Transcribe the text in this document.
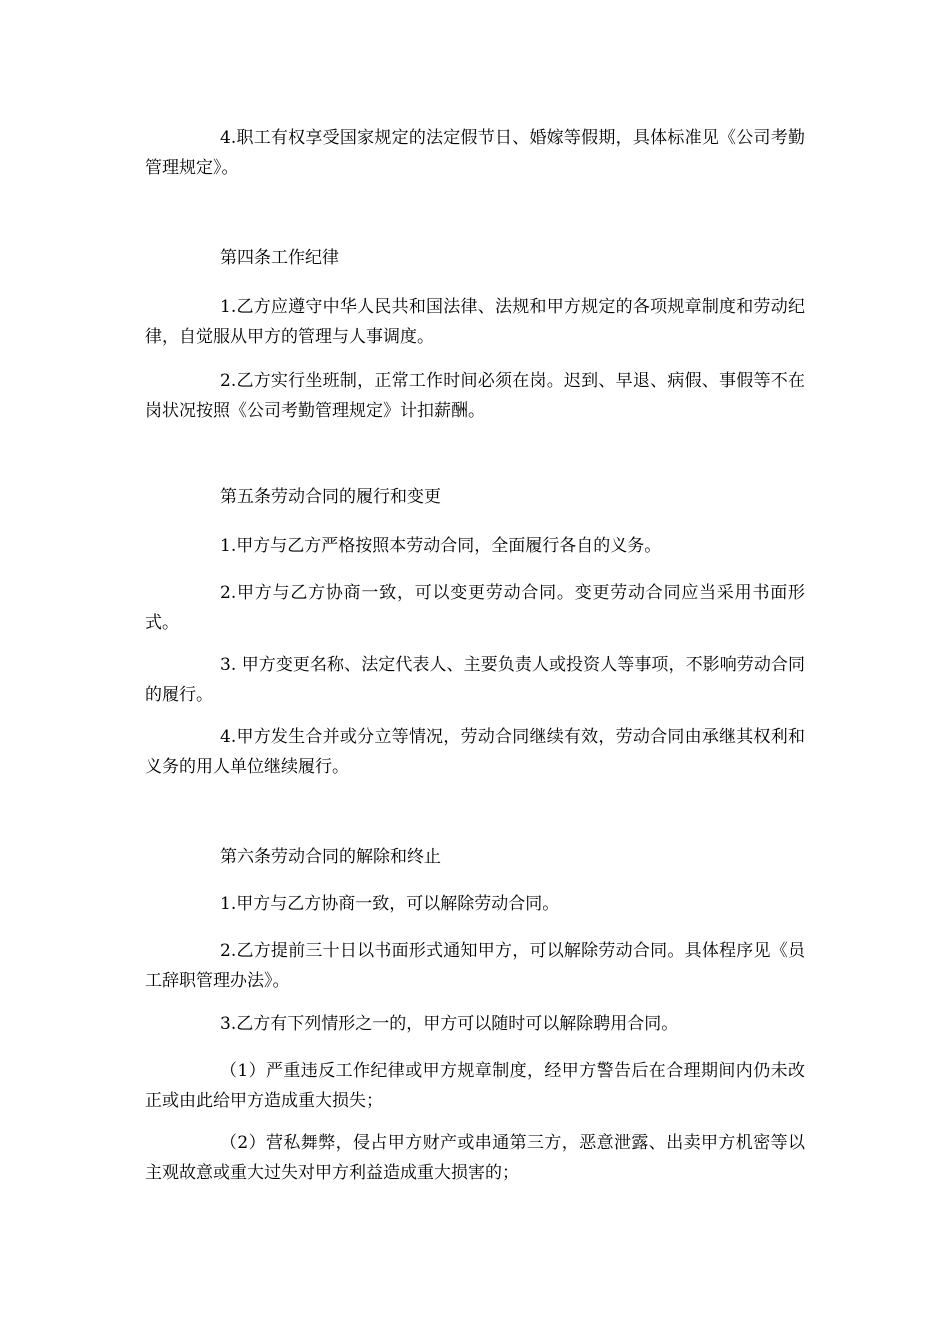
4.职工有权享受国家规定的法定假节日、婚嫁等假期，具体标准见《公司考勤管理规定》。

第四条工作纪律

1.乙方应遵守中华人民共和国法律、法规和甲方规定的各项规章制度和劳动纪律，自觉服从甲方的管理与人事调度。

2.乙方实行坐班制，正常工作时间必须在岗。迟到、早退、病假、事假等不在岗状况按照《公司考勤管理规定》计扣薪酬。

第五条劳动合同的履行和变更

1.甲方与乙方严格按照本劳动合同，全面履行各自的义务。

2.甲方与乙方协商一致，可以变更劳动合同。变更劳动合同应当采用书面形式。

3. 甲方变更名称、法定代表人、主要负责人或投资人等事项，不影响劳动合同的履行。

4.甲方发生合并或分立等情况，劳动合同继续有效，劳动合同由承继其权利和义务的用人单位继续履行。

第六条劳动合同的解除和终止

1.甲方与乙方协商一致，可以解除劳动合同。

2.乙方提前三十日以书面形式通知甲方，可以解除劳动合同。具体程序见《员工辞职管理办法》。

3.乙方有下列情形之一的，甲方可以随时可以解除聘用合同。

（1）严重违反工作纪律或甲方规章制度，经甲方警告后在合理期间内仍未改正或由此给甲方造成重大损失；

（2）营私舞弊，侵占甲方财产或串通第三方，恶意泄露、出卖甲方机密等以主观故意或重大过失对甲方利益造成重大损害的；
